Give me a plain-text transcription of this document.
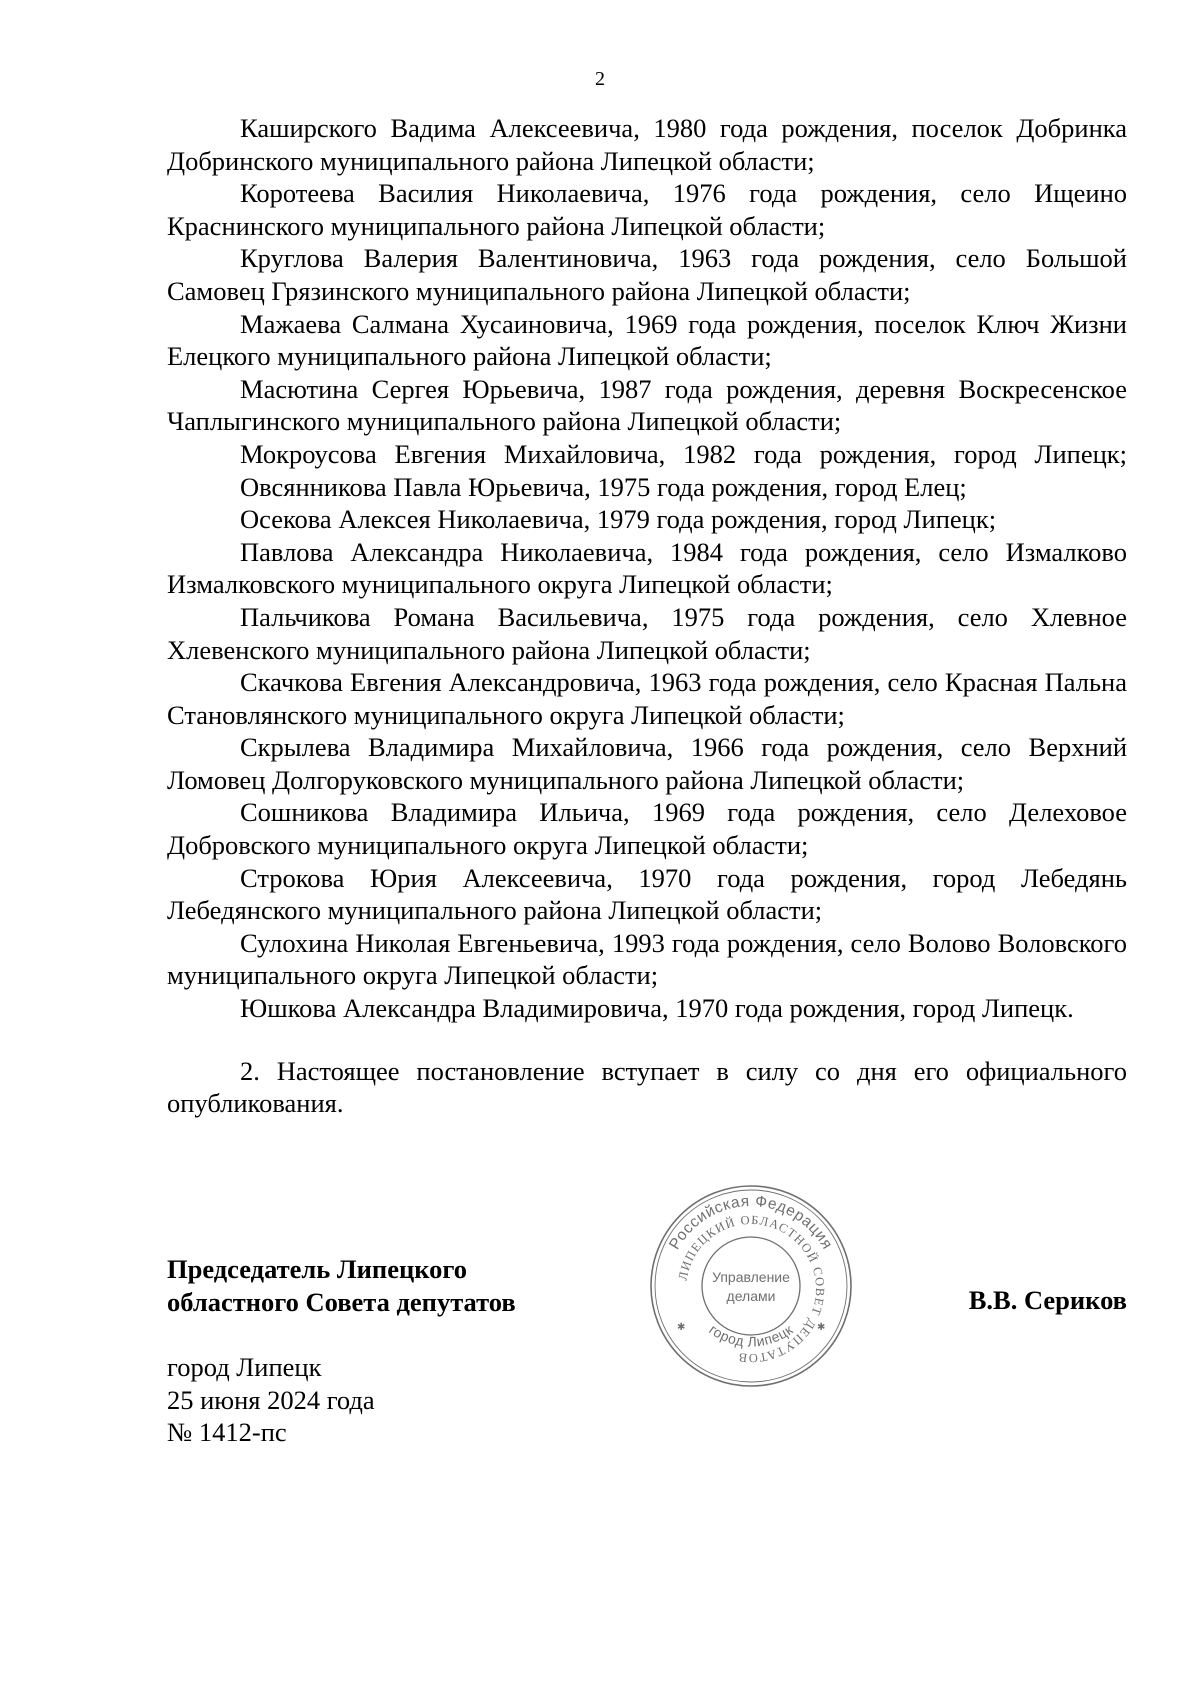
2

Каширского Вадима Алексеевича, 1980 года рождения, поселок Добринка Добринского муниципального района Липецкой области;

Коротеева Василия Николаевича, 1976 года рождения, село Ищеино Краснинского муниципального района Липецкой области;

Круглова Валерия Валентиновича, 1963 года рождения, село Большой Самовец Грязинского муниципального района Липецкой области;

Мажаева Салмана Хусаиновича, 1969 года рождения, поселок Ключ Жизни Елецкого муниципального района Липецкой области;

Масютина Сергея Юрьевича, 1987 года рождения, деревня Воскресенское Чаплыгинского муниципального района Липецкой области;

Мокроусова Евгения Михайловича, 1982 года рождения, город Липецк;

Овсянникова Павла Юрьевича, 1975 года рождения, город Елец;

Осекова Алексея Николаевича, 1979 года рождения, город Липецк;

Павлова Александра Николаевича, 1984 года рождения, село Измалково Измалковского муниципального округа Липецкой области;

Пальчикова Романа Васильевича, 1975 года рождения, село Хлевное Хлевенского муниципального района Липецкой области;

Скачкова Евгения Александровича, 1963 года рождения, село Красная Пальна Становлянского муниципального округа Липецкой области;

Скрылева Владимира Михайловича, 1966 года рождения, село Верхний Ломовец Долгоруковского муниципального района Липецкой области;

Сошникова Владимира Ильича, 1969 года рождения, село Делеховое Добровского муниципального округа Липецкой области;

Строкова Юрия Алексеевича, 1970 года рождения, город Лебедянь Лебедянского муниципального района Липецкой области;

Сулохина Николая Евгеньевича, 1993 года рождения, село Волово Воловского муниципального округа Липецкой области;

Юшкова Александра Владимировича, 1970 года рождения, город Липецк.

2. Настоящее постановление вступает в силу со дня его официального опубликования.

Председатель Липецкого

областного Совета депутатов	В.В. Сериков

город Липецк

25 июня 2024 года

№ 1412-пс

Российская Федерация
ЛИПЕЦКИЙ ОБЛАСТНОЙ СОВЕТ ДЕПУТАТОВ
город Липецк
Управление
делами
✱	✱
